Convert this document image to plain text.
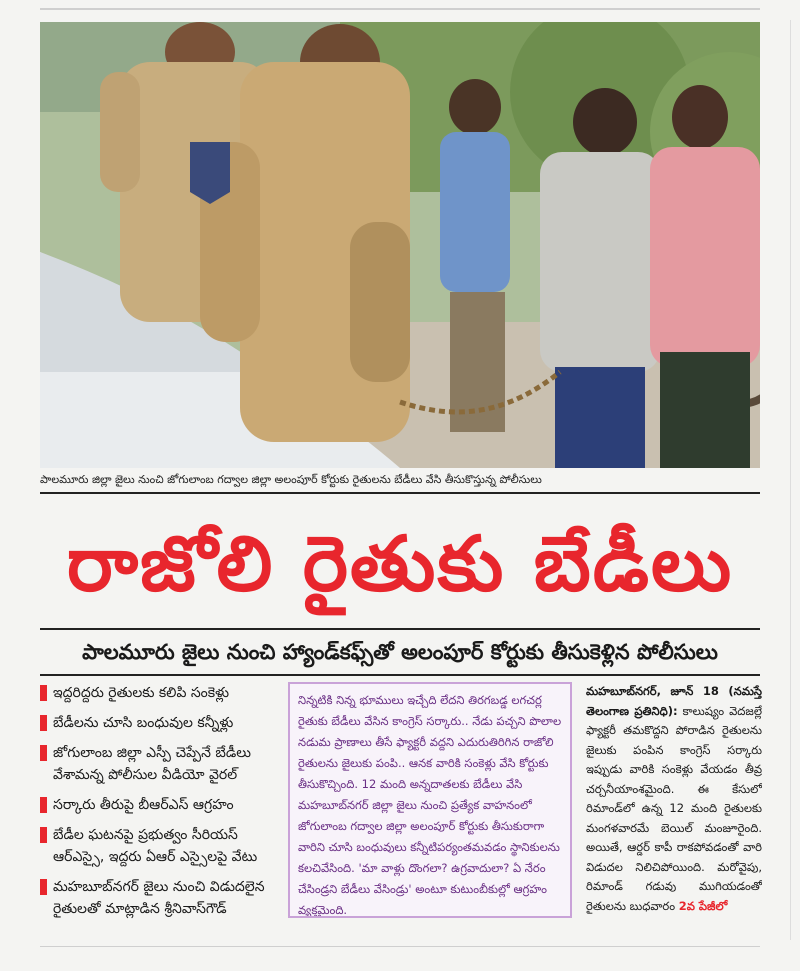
పాలమూరు జిల్లా జైలు నుంచి జోగులాంబ గద్వాల జిల్లా అలంపూర్ కోర్టుకు రైతులను బేడీలు వేసి తీసుకొస్తున్న పోలీసులు
రాజోలి రైతుకు బేడీలు
పాలమూరు జైలు నుంచి హ్యాండ్‌కఫ్స్‌తో అలంపూర్ కోర్టుకు తీసుకెళ్లిన పోలీసులు
ఇద్దరిద్దరు రైతులకు కలిపి సంకెళ్లు
బేడీలను చూసి బంధువుల కన్నీళ్లు
జోగులాంబ జిల్లా ఎస్పీ చెప్పేనే బేడీలు వేశామన్న పోలీసుల వీడియో వైరల్
సర్కారు తీరుపై బీఆర్ఎస్ ఆగ్రహం
బేడీల ఘటనపై ప్రభుత్వం సీరియస్ ఆర్ఎస్సై, ఇద్దరు ఏఆర్ ఎస్సైలపై వేటు
మహబూబ్‌నగర్ జైలు నుంచి విడుదలైన రైతులతో మాట్లాడిన శ్రీనివాస్‌గౌడ్
నిన్నటికి నిన్న భూములు ఇచ్చేది లేదని తిరగబడ్డ లగచర్ల రైతుకు బేడీలు వేసిన కాంగ్రెస్ సర్కారు.. నేడు పచ్చని పొలాల నడుమ ప్రాణాలు తీసే ఫ్యాక్టరీ వద్దని ఎదురుతిరిగిన రాజోలి రైతులను జైలుకు పంపి.. ఆనక వారికి సంకెళ్లు వేసి కోర్టుకు తీసుకొచ్చింది. 12 మంది అన్నదాతలకు బేడీలు వేసి మహబూబ్‌నగర్ జిల్లా జైలు నుంచి ప్రత్యేక వాహనంలో జోగులాంబ గద్వాల జిల్లా అలంపూర్ కోర్టుకు తీసుకురాగా వారిని చూసి బంధువులు కన్నీటిపర్యంతమవడం స్థానికులను కలచివేసింది. 'మా వాళ్లు దొంగలా? ఉగ్రవాదులా? ఏ నేరం చేసిండ్రని బేడీలు వేసిండ్రు' అంటూ కుటుంబీకుల్లో ఆగ్రహం వ్యక్తమైంది.
మహబూబ్‌నగర్, జూన్ 18 (నమస్తే తెలంగాణ ప్రతినిధి): కాలుష్యం వెదజల్లే ఫ్యాక్టరీ తమకొద్దని పోరాడిన రైతులను జైలుకు పంపిన కాంగ్రెస్ సర్కారు ఇప్పుడు వారికి సంకెళ్లు వేయడం తీవ్ర చర్చనీయాంశమైంది. ఈ కేసులో రిమాండ్‌లో ఉన్న 12 మంది రైతులకు మంగళవారమే బెయిల్ మంజూరైంది. అయితే, ఆర్డర్ కాపీ రాకపోవడంతో వారి విడుదల నిలిచిపోయింది. మరోవైపు, రిమాండ్ గడువు ముగియడంతో రైతులను బుధవారం 2వ పేజీలో
